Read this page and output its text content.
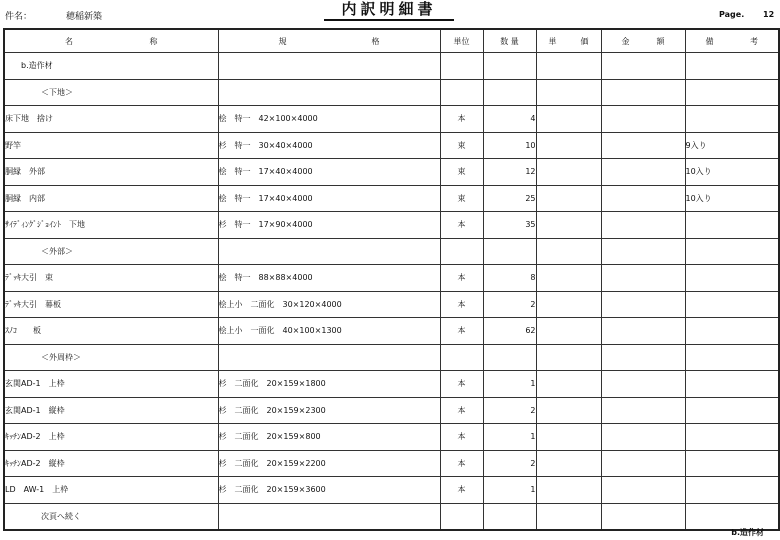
件名：	穂稲新築	内訳明細書	Page. 12
名 称	規 格	単位	数 量	単 価	金 額	備 考

b.造作材						
＜下地＞						
床下地　捨け	桧　特一　42×100×4000	本	4			
野竿	杉　特一　30×40×4000	束	10			9入り
胴縁　外部	桧　特一　17×40×4000	束	12			10入り
胴縁　内部	桧　特一　17×40×4000	束	25			10入り
ｻｲﾃﾞｨﾝｸﾞｼﾞｮｲﾝﾄ　下地	杉　特一　17×90×4000	本	35			
＜外部＞						
ﾃﾞｯｷ大引　束	桧　特一　88×88×4000	本	8			
ﾃﾞｯｷ大引　幕板	桧上小　二面化　30×120×4000	本	2			
ｽﾉｺ　　板	桧上小　一面化　40×100×1300	本	62			
＜外周枠＞						
玄関AD-1　上枠	杉　二面化　20×159×1800	本	1			
玄関AD-1　縦枠	杉　二面化　20×159×2300	本	2			
ｷｯﾁﾝAD-2　上枠	杉　二面化　20×159×800	本	1			
ｷｯﾁﾝAD-2　縦枠	杉　二面化　20×159×2200	本	2			
LD　AW-1　上枠	杉　二面化　20×159×3600	本	1			
次頁へ続く						
b.造作材
